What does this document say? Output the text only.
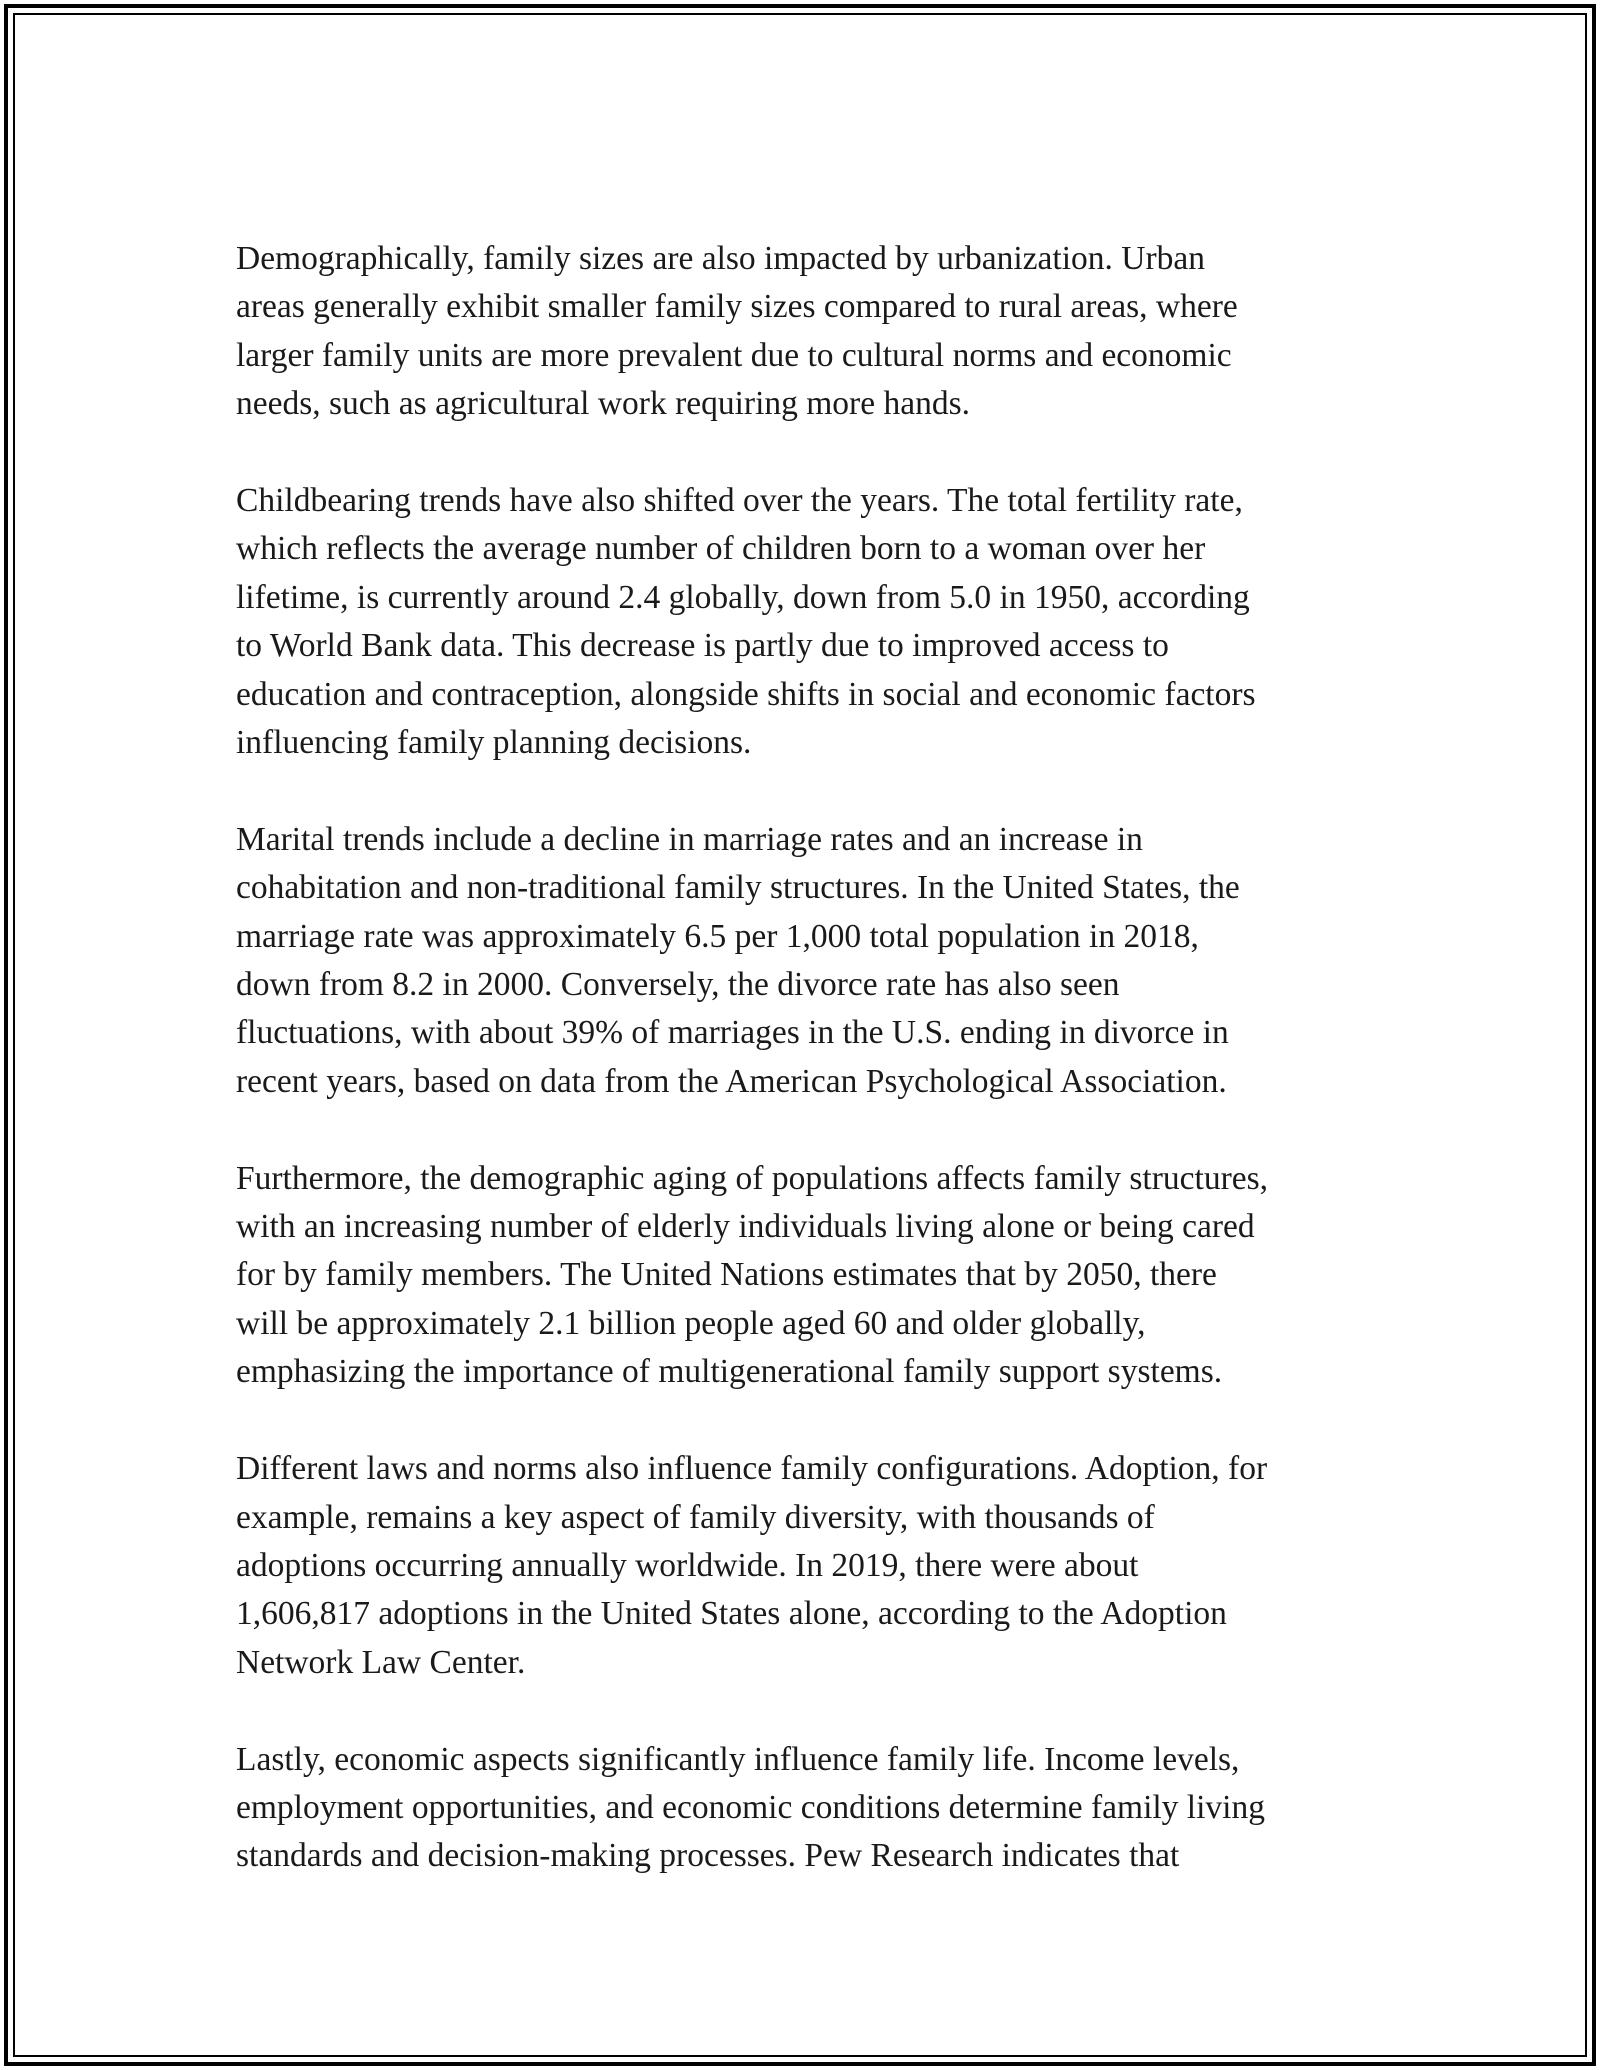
Demographically, family sizes are also impacted by urbanization. Urban
areas generally exhibit smaller family sizes compared to rural areas, where
larger family units are more prevalent due to cultural norms and economic
needs, such as agricultural work requiring more hands.

Childbearing trends have also shifted over the years. The total fertility rate,
which reflects the average number of children born to a woman over her
lifetime, is currently around 2.4 globally, down from 5.0 in 1950, according
to World Bank data. This decrease is partly due to improved access to
education and contraception, alongside shifts in social and economic factors
influencing family planning decisions.

Marital trends include a decline in marriage rates and an increase in
cohabitation and non-traditional family structures. In the United States, the
marriage rate was approximately 6.5 per 1,000 total population in 2018,
down from 8.2 in 2000. Conversely, the divorce rate has also seen
fluctuations, with about 39% of marriages in the U.S. ending in divorce in
recent years, based on data from the American Psychological Association.

Furthermore, the demographic aging of populations affects family structures,
with an increasing number of elderly individuals living alone or being cared
for by family members. The United Nations estimates that by 2050, there
will be approximately 2.1 billion people aged 60 and older globally,
emphasizing the importance of multigenerational family support systems.

Different laws and norms also influence family configurations. Adoption, for
example, remains a key aspect of family diversity, with thousands of
adoptions occurring annually worldwide. In 2019, there were about
1,606,817 adoptions in the United States alone, according to the Adoption
Network Law Center.

Lastly, economic aspects significantly influence family life. Income levels,
employment opportunities, and economic conditions determine family living
standards and decision-making processes. Pew Research indicates that
